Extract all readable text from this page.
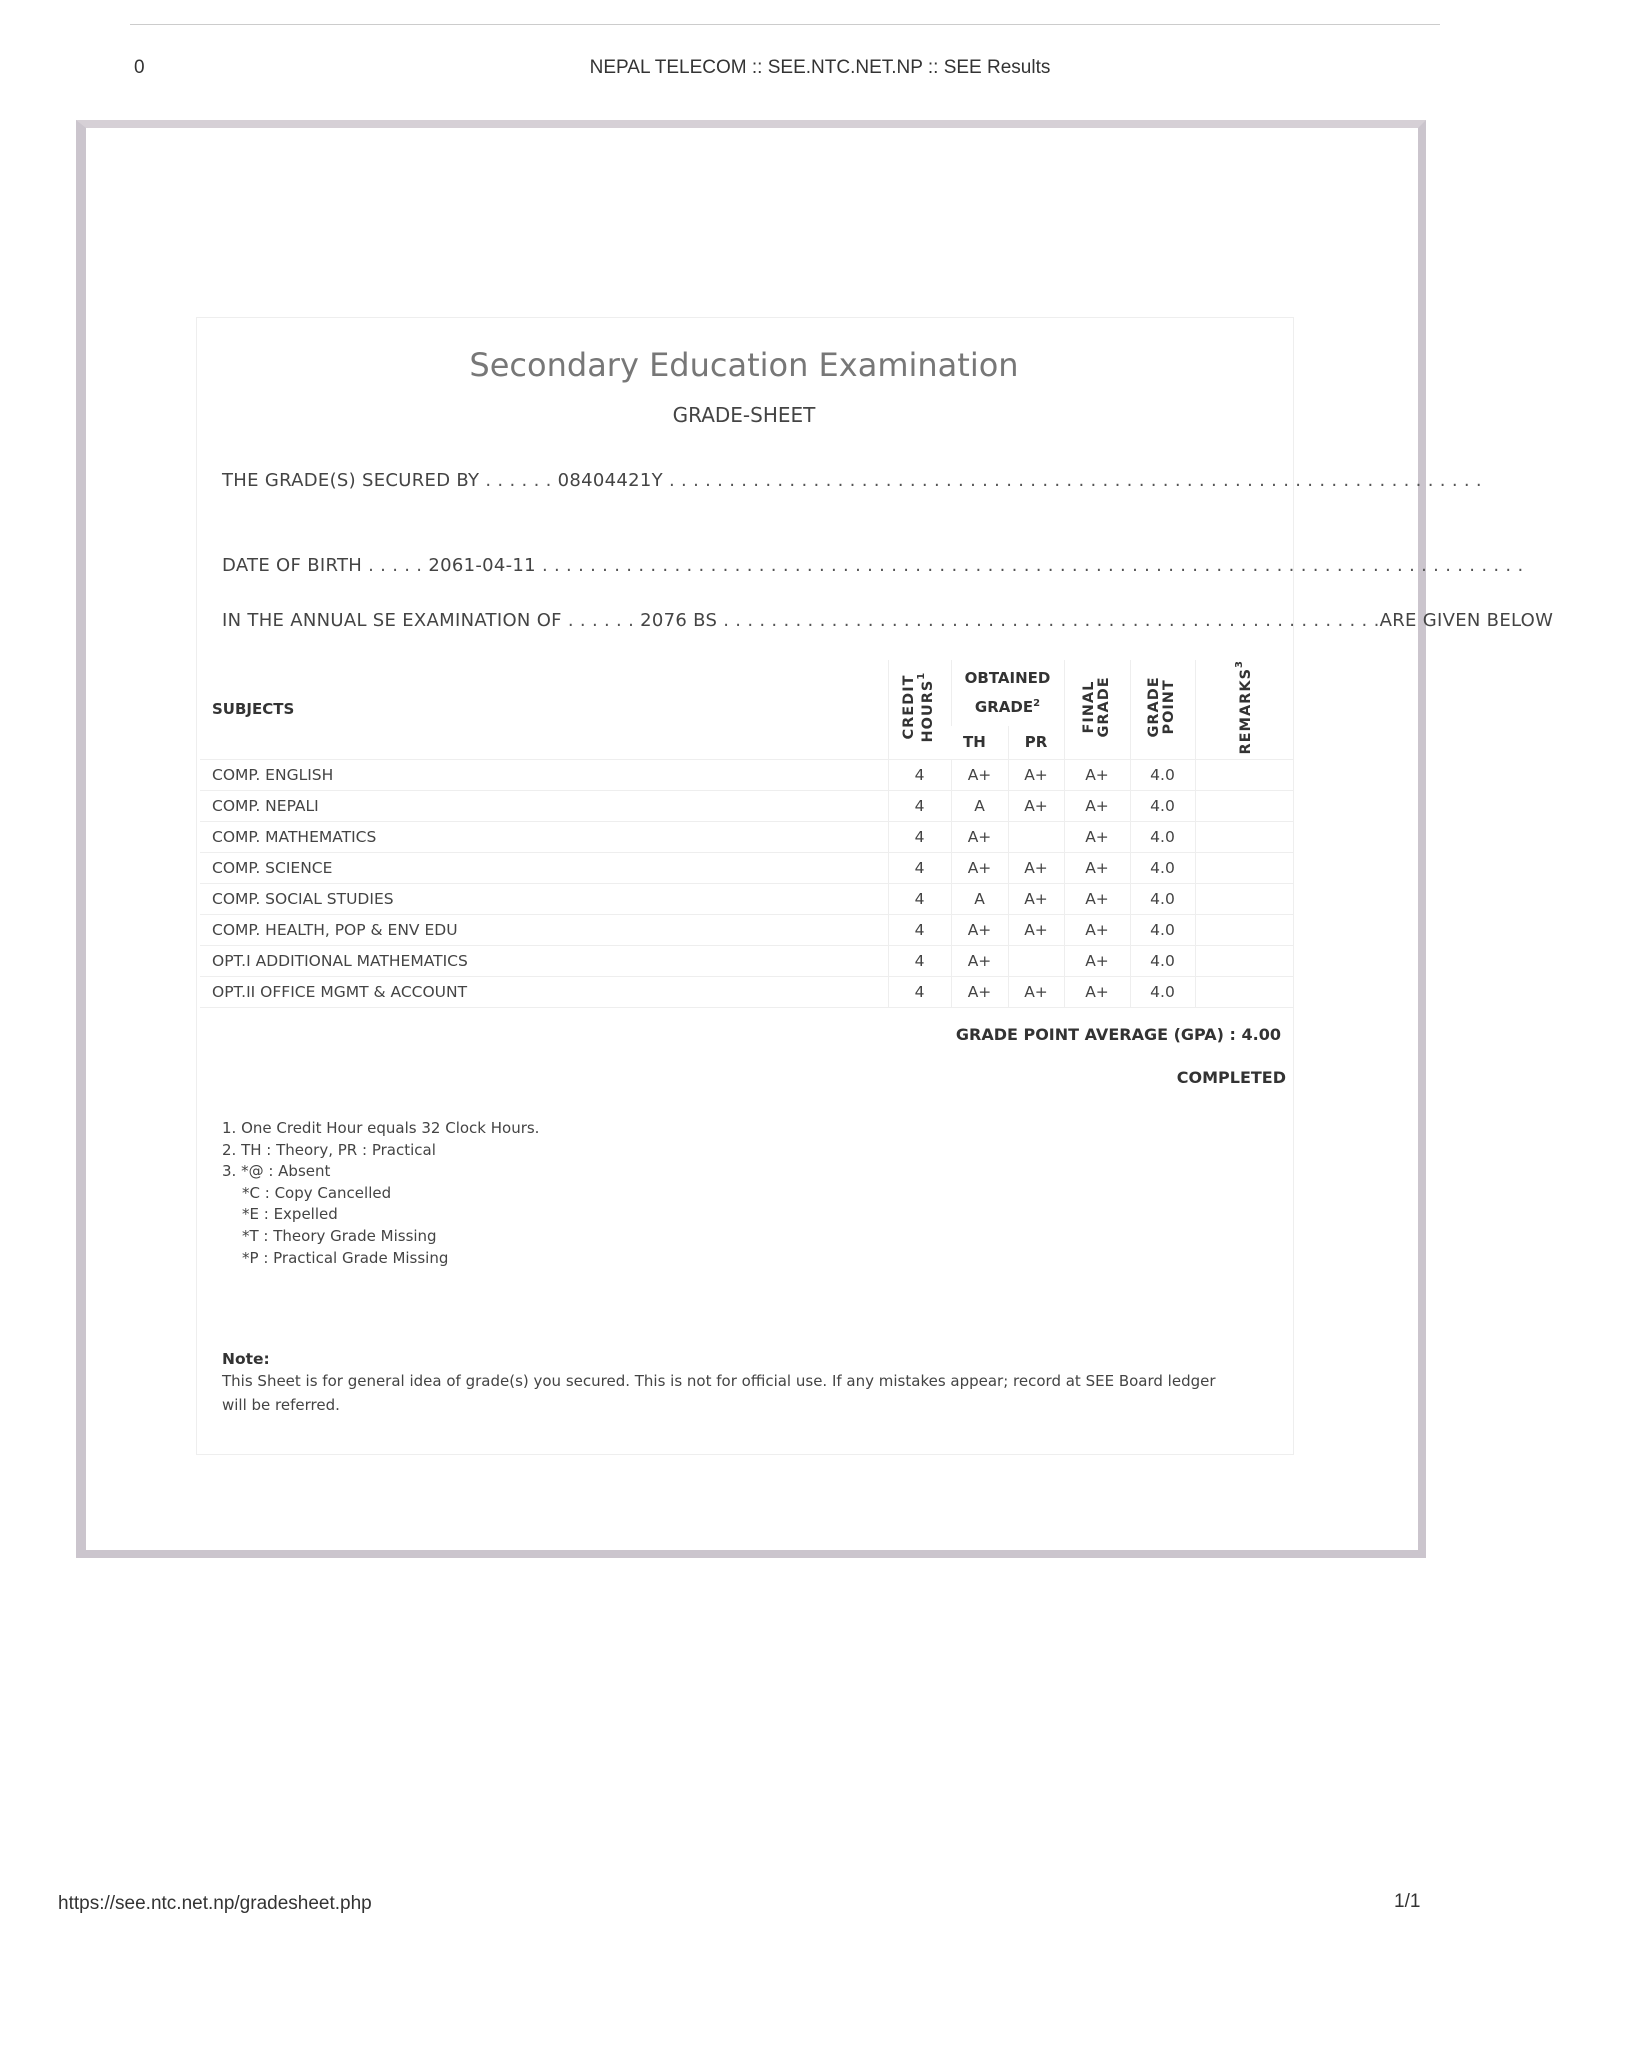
0	NEPAL TELECOM :: SEE.NTC.NET.NP :: SEE Results
Secondary Education Examination
GRADE-SHEET
THE GRADE(S) SECURED BY . . . . . . 08404421Y . . . . . . . . . . . . . . . . . . . . . . . . . . . . . . . . . . . . . . . . . . . . . . . . . . . . . . . . . . . . . . . . . . . .
DATE OF BIRTH . . . . . 2061-04-11 . . . . . . . . . . . . . . . . . . . . . . . . . . . . . . . . . . . . . . . . . . . . . . . . . . . . . . . . . . . . . . . . . . . . . . . . . . . . . . . . . .
IN THE ANNUAL SE EXAMINATION OF . . . . . . 2076 BS . . . . . . . . . . . . . . . . . . . . . . . . . . . . . . . . . . . . . . . . . . . . . . . . . . . . . . . ARE GIVEN BELOW
SUBJECTS	CREDIT HOURS$^1$	OBTAINED GRADE$^2$		FINAL GRADE	GRADE POINT	REMARKS$^3$
		TH	PR			
COMP. ENGLISH	4	A+	A+	A+	4.0	
COMP. NEPALI	4	A	A+	A+	4.0	
COMP. MATHEMATICS	4	A+		A+	4.0	
COMP. SCIENCE	4	A+	A+	A+	4.0	
COMP. SOCIAL STUDIES	4	A	A+	A+	4.0	
COMP. HEALTH, POP & ENV EDU	4	A+	A+	A+	4.0	
OPT.I ADDITIONAL MATHEMATICS	4	A+		A+	4.0	
OPT.II OFFICE MGMT & ACCOUNT	4	A+	A+	A+	4.0	
GRADE POINT AVERAGE (GPA) : 4.00
COMPLETED
1. One Credit Hour equals 32 Clock Hours.
2. TH : Theory, PR : Practical
3. *@ : Absent
*C : Copy Cancelled
*E : Expelled
*T : Theory Grade Missing
*P : Practical Grade Missing
Note:
This Sheet is for general idea of grade(s) you secured. This is not for official use. If any mistakes appear; record at SEE Board ledger will be referred.
https://see.ntc.net.np/gradesheet.php	1/1
